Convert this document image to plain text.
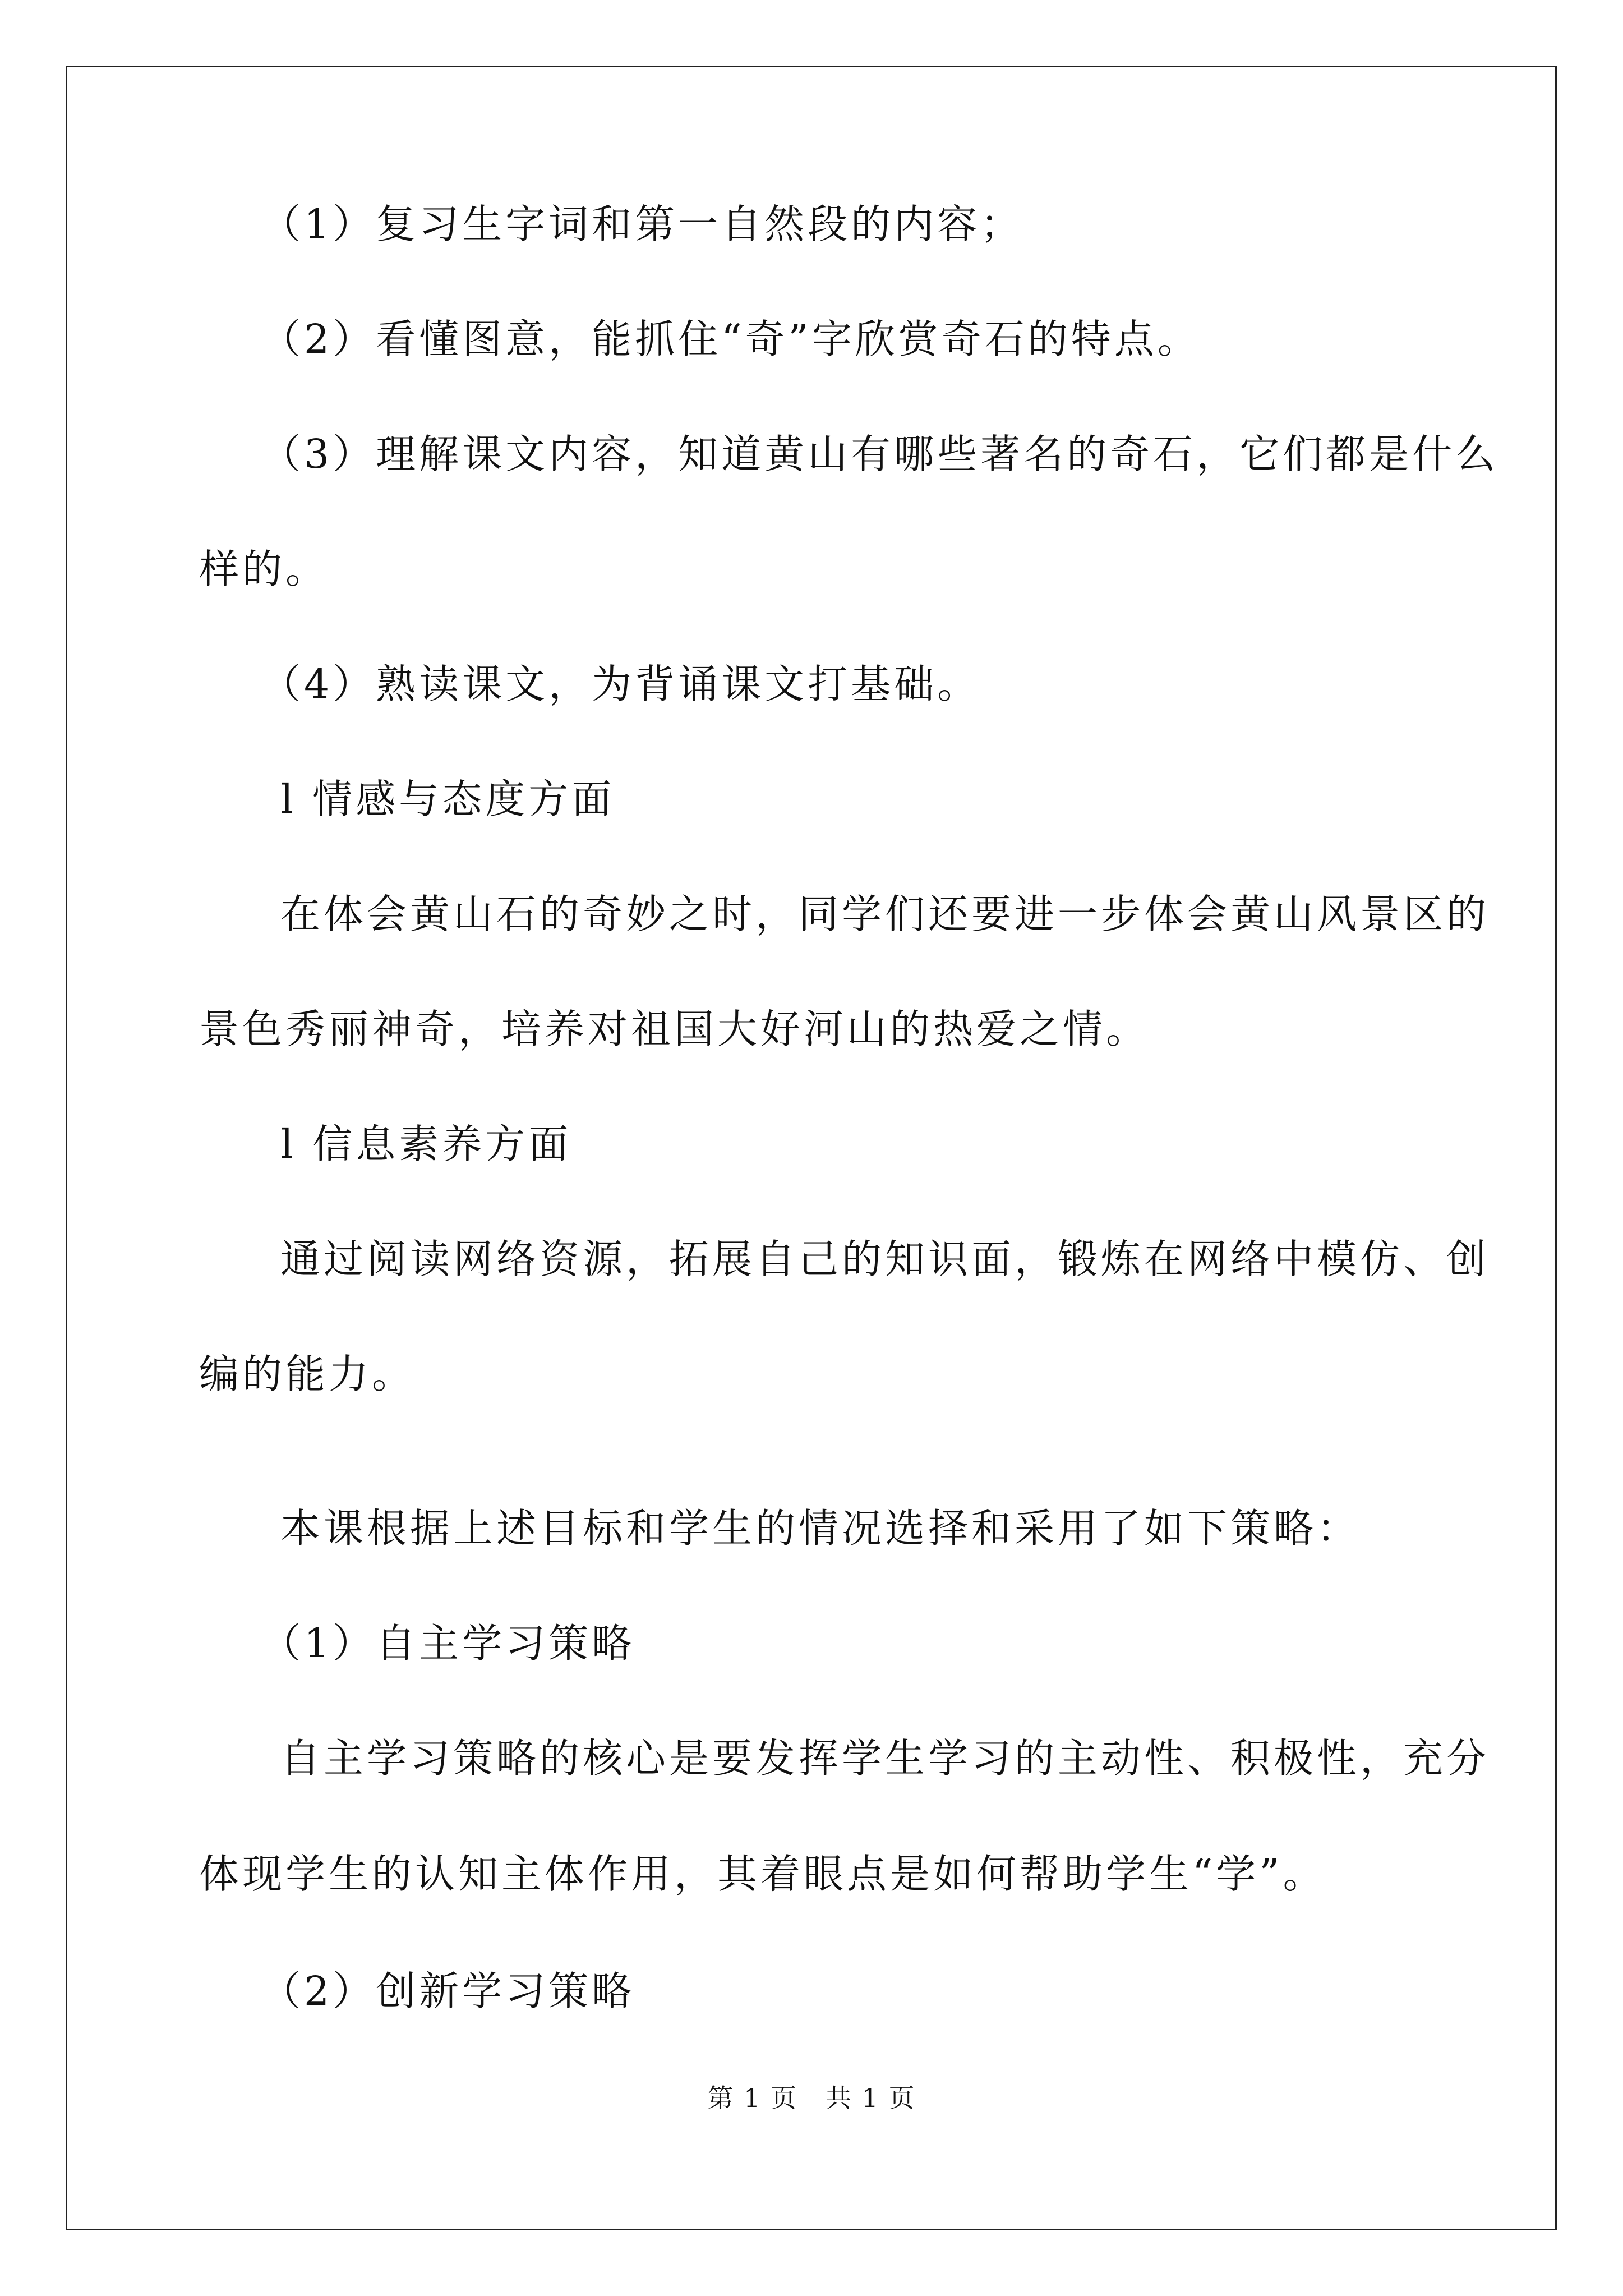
（1）复习生字词和第一自然段的内容；
（2）看懂图意，能抓住“奇”字欣赏奇石的特点。
（3）理解课文内容，知道黄山有哪些著名的奇石，它们都是什么
样的。
（4）熟读课文，为背诵课文打基础。
l 情感与态度方面
在体会黄山石的奇妙之时，同学们还要进一步体会黄山风景区的
景色秀丽神奇，培养对祖国大好河山的热爱之情。
l 信息素养方面
通过阅读网络资源，拓展自己的知识面，锻炼在网络中模仿、创
编的能力。
本课根据上述目标和学生的情况选择和采用了如下策略：
（1）自主学习策略
自主学习策略的核心是要发挥学生学习的主动性、积极性，充分
体现学生的认知主体作用，其着眼点是如何帮助学生“学”。
第 1 页 共 1 页
（2）创新学习策略
